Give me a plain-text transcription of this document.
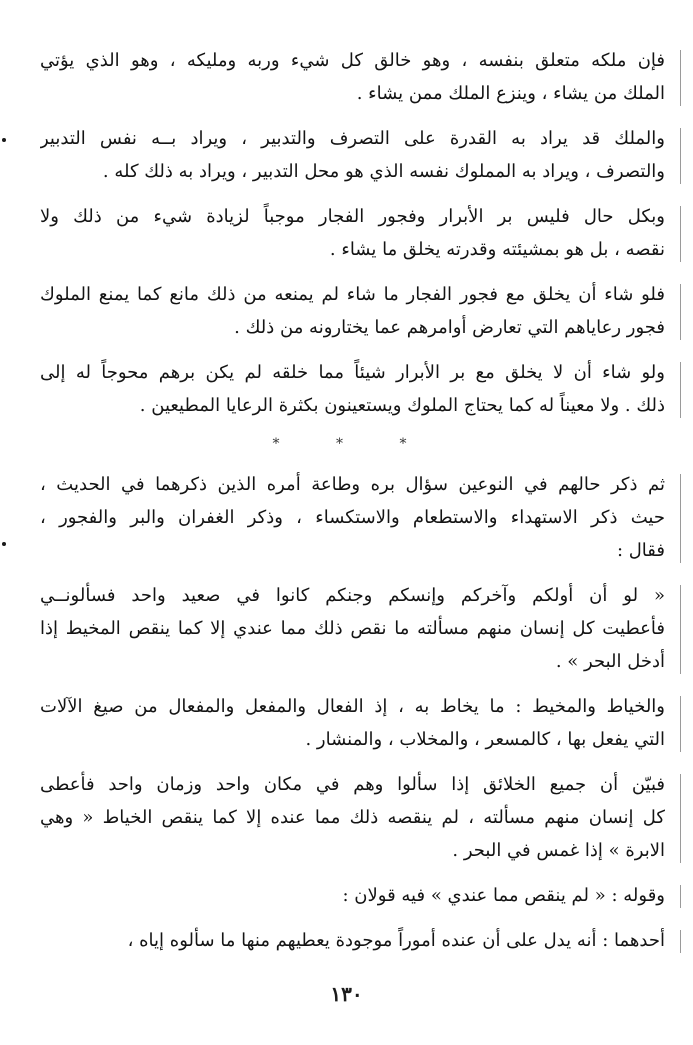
فإن ملكه متعلق بنفسه ، وهو خالق كل شيء وربه ومليكه ، وهو الذي يؤتي
الملك من يشاء ، وينزع الملك ممن يشاء .
والملك قد يراد به القدرة على التصرف والتدبير ، ويراد بــه نفس التدبير
والتصرف ، ويراد به المملوك نفسه الذي هو محل التدبير ، ويراد به ذلك كله .
وبكل حال فليس بر الأبرار وفجور الفجار موجباً لزيادة شيء من ذلك ولا
نقصه ، بل هو بمشيئته وقدرته يخلق ما يشاء .
فلو شاء أن يخلق مع فجور الفجار ما شاء لم يمنعه من ذلك مانع كما يمنع الملوك
فجور رعاياهم التي تعارض أوامرهم عما يختارونه من ذلك .
ولو شاء أن لا يخلق مع بر الأبرار شيئاً مما خلقه لم يكن برهم محوجاً له إلى
ذلك . ولا معيناً له كما يحتاج الملوك ويستعينون بكثرة الرعايا المطيعين .
* * *
ثم ذكر حالهم في النوعين سؤال بره وطاعة أمره الذين ذكرهما في الحديث ،
حيث ذكر الاستهداء والاستطعام والاستكساء ، وذكر الغفران والبر والفجور ،
فقال :
« لو أن أولكم وآخركم وإنسكم وجنكم كانوا في صعيد واحد فسألونــي
فأعطيت كل إنسان منهم مسألته ما نقص ذلك مما عندي إلا كما ينقص المخيط إذا
أدخل البحر » .
والخياط والمخيط : ما يخاط به ، إذ الفعال والمفعل والمفعال من صيغ الآلات
التي يفعل بها ، كالمسعر ، والمخلاب ، والمنشار .
فبيّن أن جميع الخلائق إذا سألوا وهم في مكان واحد وزمان واحد فأعطى
كل إنسان منهم مسألته ، لم ينقصه ذلك مما عنده إلا كما ينقص الخياط « وهي
الابرة » إذا غمس في البحر .
وقوله : « لم ينقص مما عندي » فيه قولان :
أحدهما : أنه يدل على أن عنده أموراً موجودة يعطيهم منها ما سألوه إياه ،
١٣٠
